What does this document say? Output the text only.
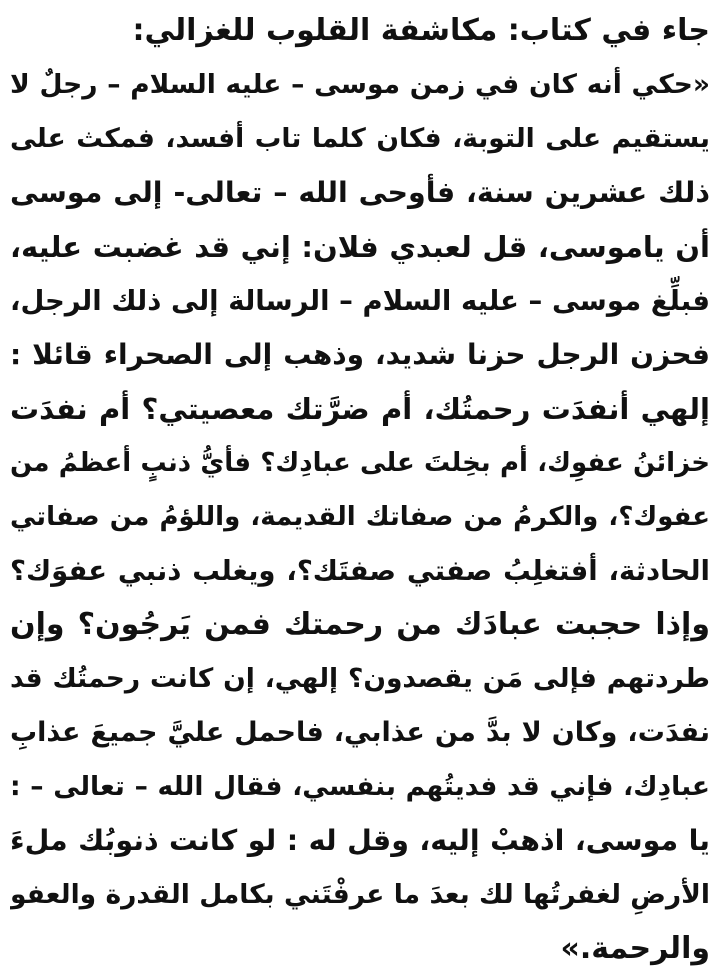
جاء في كتاب: مكاشفة القلوب للغزالي:
«حكي أنه كان في زمن موسى – عليه السلام – رجلٌ لا
يستقيم على التوبة، فكان كلما تاب أفسد، فمكث على
ذلك عشرين سنة، فأوحى الله – تعالى- إلى موسى
أن ياموسى، قل لعبدي فلان: إني قد غضبت عليه،
فبلِّغ موسى – عليه السلام – الرسالة إلى ذلك الرجل،
فحزن الرجل حزنا شديد، وذهب إلى الصحراء قائلا :
إلهي أنفدَت رحمتُك، أم ضرَّتك معصيتي؟ أم نفدَت
خزائنُ عفوِك، أم بخِلتَ على عبادِك؟ فأيُّ ذنبٍ أعظمُ من
عفوك؟، والكرمُ من صفاتك القديمة، واللؤمُ من صفاتي
الحادثة، أفتغلِبُ صفتي صفتَك؟، ويغلب ذنبي عفوَك؟
وإذا حجبت عبادَك من رحمتك فمن يَرجُون؟ وإن
طردتهم فإلى مَن يقصدون؟ إلهي، إن كانت رحمتُك قد
نفدَت، وكان لا بدَّ من عذابي، فاحمل عليَّ جميعَ عذابِ
عبادِك، فإني قد فديتُهم بنفسي، فقال الله – تعالى – :
يا موسى، اذهبْ إليه، وقل له : لو كانت ذنوبُك ملءَ
الأرضِ لغفرتُها لك بعدَ ما عرفْتَني بكامل القدرة والعفو
والرحمة.»
